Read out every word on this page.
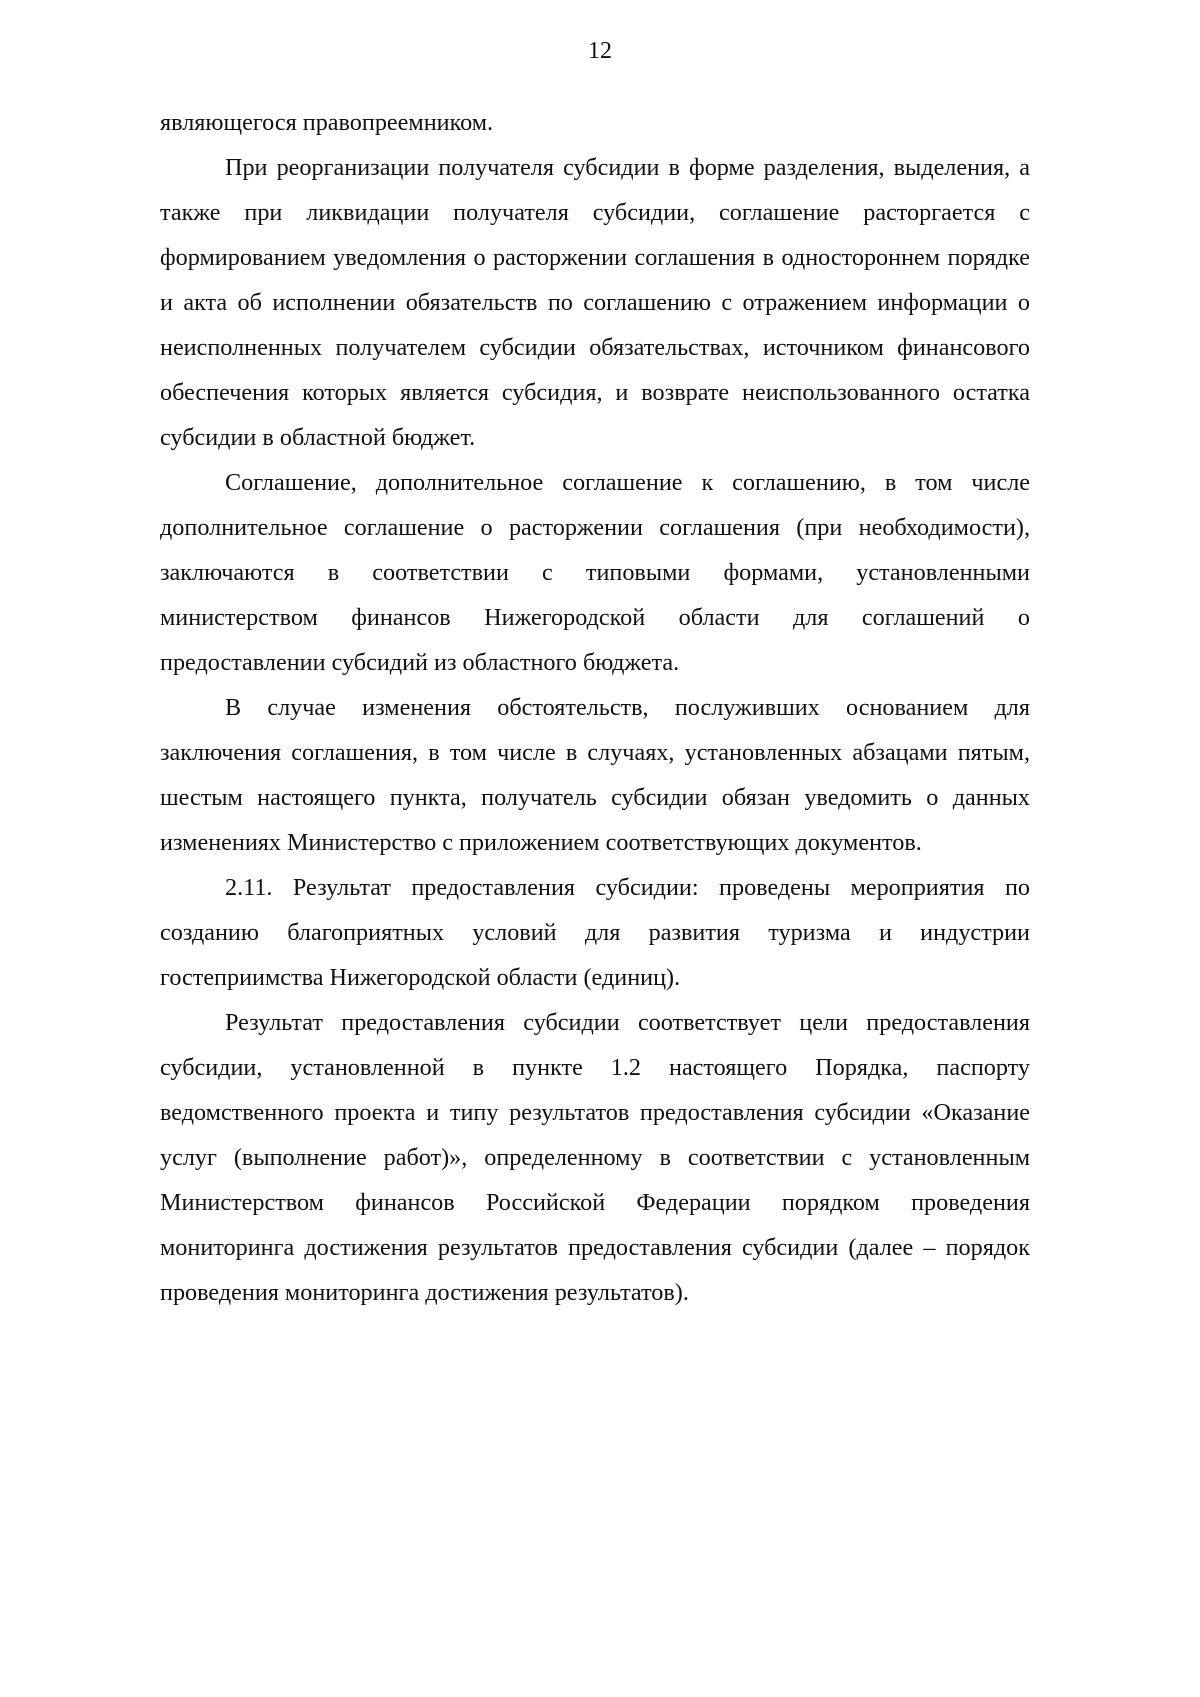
12

являющегося правопреемником.

При реорганизации получателя субсидии в форме разделения, выделения, а также при ликвидации получателя субсидии, соглашение расторгается с формированием уведомления о расторжении соглашения в одностороннем порядке и акта об исполнении обязательств по соглашению с отражением информации о неисполненных получателем субсидии обязательствах, источником финансового обеспечения которых является субсидия, и возврате неиспользованного остатка субсидии в областной бюджет.

Соглашение, дополнительное соглашение к соглашению, в том числе дополнительное соглашение о расторжении соглашения (при необходимости), заключаются в соответствии с типовыми формами, установленными министерством финансов Нижегородской области для соглашений о предоставлении субсидий из областного бюджета.

В случае изменения обстоятельств, послуживших основанием для заключения соглашения, в том числе в случаях, установленных абзацами пятым, шестым настоящего пункта, получатель субсидии обязан уведомить о данных изменениях Министерство с приложением соответствующих документов.

2.11. Результат предоставления субсидии: проведены мероприятия по созданию благоприятных условий для развития туризма и индустрии гостеприимства Нижегородской области (единиц).

Результат предоставления субсидии соответствует цели предоставления субсидии, установленной в пункте 1.2 настоящего Порядка, паспорту ведомственного проекта и типу результатов предоставления субсидии «Оказание услуг (выполнение работ)», определенному в соответствии с установленным Министерством финансов Российской Федерации порядком проведения мониторинга достижения результатов предоставления субсидии (далее – порядок проведения мониторинга достижения результатов).
